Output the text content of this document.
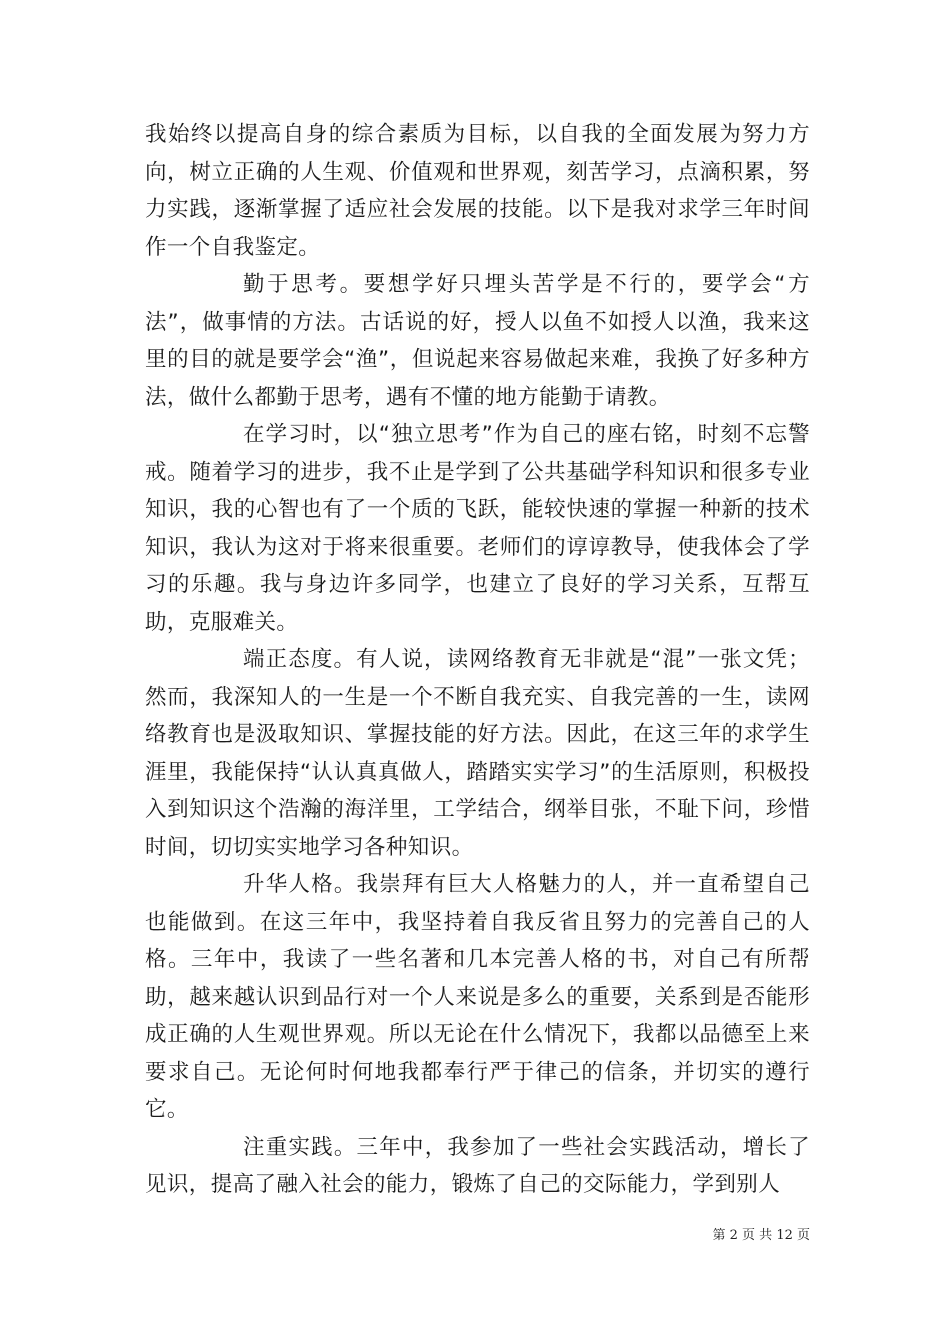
我始终以提高自身的综合素质为目标，以自我的全面发展为努力方向，树立正确的人生观、价值观和世界观，刻苦学习，点滴积累，努力实践，逐渐掌握了适应社会发展的技能。以下是我对求学三年时间作一个自我鉴定。

勤于思考。要想学好只埋头苦学是不行的，要学会“方法”，做事情的方法。古话说的好，授人以鱼不如授人以渔，我来这里的目的就是要学会“渔”，但说起来容易做起来难，我换了好多种方法，做什么都勤于思考，遇有不懂的地方能勤于请教。

在学习时，以“独立思考”作为自己的座右铭，时刻不忘警戒。随着学习的进步，我不止是学到了公共基础学科知识和很多专业知识，我的心智也有了一个质的飞跃，能较快速的掌握一种新的技术知识，我认为这对于将来很重要。老师们的谆谆教导，使我体会了学习的乐趣。我与身边许多同学，也建立了良好的学习关系，互帮互助，克服难关。

端正态度。有人说，读网络教育无非就是“混”一张文凭；然而，我深知人的一生是一个不断自我充实、自我完善的一生，读网络教育也是汲取知识、掌握技能的好方法。因此，在这三年的求学生涯里，我能保持“认认真真做人，踏踏实实学习”的生活原则，积极投入到知识这个浩瀚的海洋里，工学结合，纲举目张，不耻下问，珍惜时间，切切实实地学习各种知识。

升华人格。我崇拜有巨大人格魅力的人，并一直希望自己也能做到。在这三年中，我坚持着自我反省且努力的完善自己的人格。三年中，我读了一些名著和几本完善人格的书，对自己有所帮助，越来越认识到品行对一个人来说是多么的重要，关系到是否能形成正确的人生观世界观。所以无论在什么情况下，我都以品德至上来要求自己。无论何时何地我都奉行严于律己的信条，并切实的遵行它。

注重实践。三年中，我参加了一些社会实践活动，增长了见识，提高了融入社会的能力，锻炼了自己的交际能力，学到别人

第 2 页 共 12 页
